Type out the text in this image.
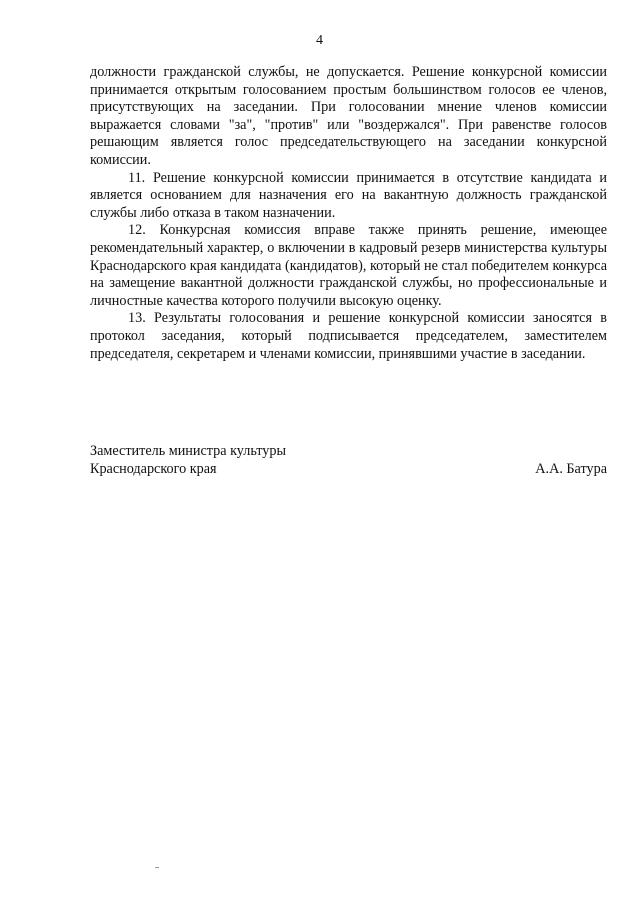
4

должности гражданской службы, не допускается. Решение конкурсной комиссии принимается открытым голосованием простым большинством голосов ее членов, присутствующих на заседании. При голосовании мнение членов комиссии выражается словами "за", "против" или "воздержался". При равенстве голосов решающим является голос председательствующего на заседании конкурсной комиссии.

11. Решение конкурсной комиссии принимается в отсутствие кандидата и является основанием для назначения его на вакантную должность гражданской службы либо отказа в таком назначении.

12. Конкурсная комиссия вправе также принять решение, имеющее рекомендательный характер, о включении в кадровый резерв министерства культуры Краснодарского края кандидата (кандидатов), который не стал победителем конкурса на замещение вакантной должности гражданской службы, но профессиональные и личностные качества которого получили высокую оценку.

13. Результаты голосования и решение конкурсной комиссии заносятся в протокол заседания, который подписывается председателем, заместителем председателя, секретарем и членами комиссии, принявшими участие в заседании.

Заместитель министра культуры
Краснодарского края	А.А. Батура
